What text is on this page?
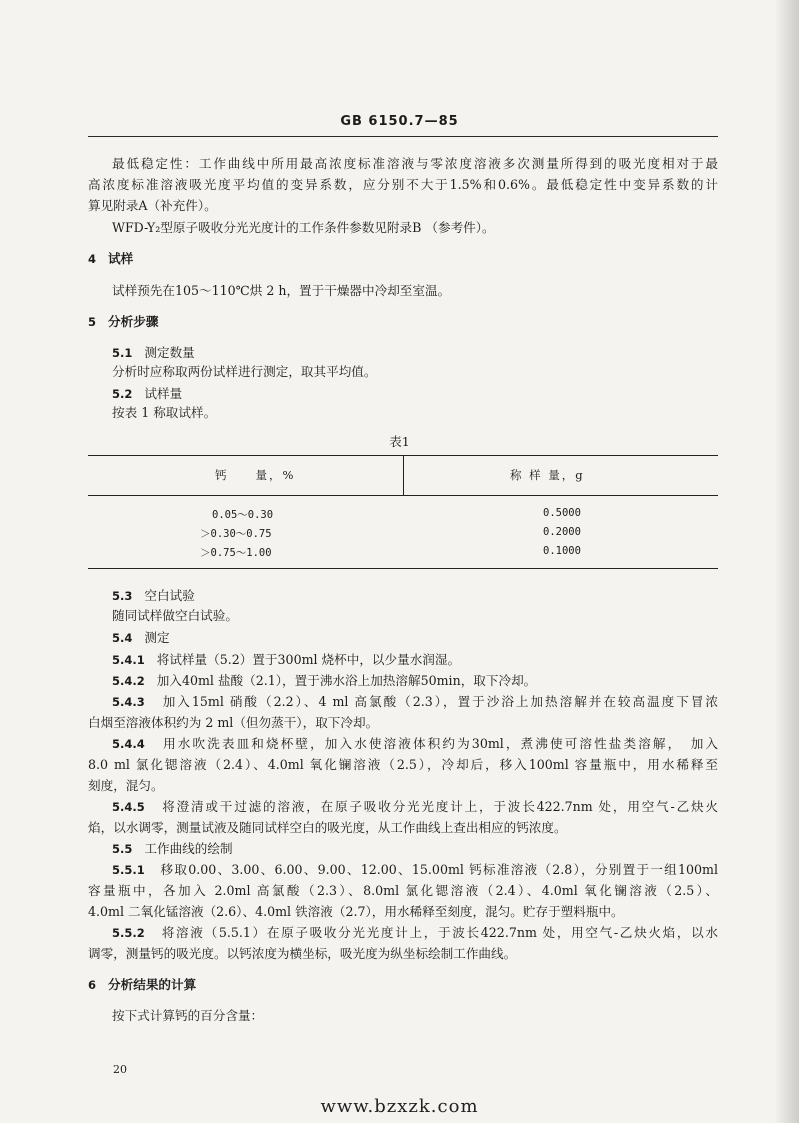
GB 6150.7—85
最低稳定性：工作曲线中所用最高浓度标准溶液与零浓度溶液多次测量所得到的吸光度相对于最
高浓度标准溶液吸光度平均值的变异系数，应分别不大于1.5%和0.6%。最低稳定性中变异系数的计
算见附录A（补充件）。
WFD-Y₂型原子吸收分光光度计的工作条件参数见附录B （参考件）。
4 试样
试样预先在105～110℃烘 2 h，置于干燥器中冷却至室温。
5 分析步骤
5.1 测定数量
分析时应称取两份试样进行测定，取其平均值。
5.2 试样量
按表 1 称取试样。
表1
钙　　量，%	称 样 量，g
0.05～0.30	0.5000
＞0.30～0.75	0.2000
＞0.75～1.00	0.1000
5.3 空白试验
随同试样做空白试验。
5.4 测定
5.4.1 将试样量（5.2）置于300ml 烧杯中，以少量水润湿。
5.4.2 加入40ml 盐酸（2.1），置于沸水浴上加热溶解50min，取下冷却。
5.4.3 加入15ml 硝酸（2.2）、4 ml 高氯酸（2.3），置于沙浴上加热溶解并在较高温度下冒浓
白烟至溶液体积约为 2 ml（但勿蒸干），取下冷却。
5.4.4 用水吹洗表皿和烧杯壁，加入水使溶液体积约为30ml，煮沸使可溶性盐类溶解，　加入
8.0 ml 氯化锶溶液（2.4）、4.0ml 氧化镧溶液（2.5），冷却后，移入100ml 容量瓶中，用水稀释至
刻度，混匀。
5.4.5 将澄清或干过滤的溶液，在原子吸收分光光度计上，于波长422.7nm 处，用空气-乙炔火
焰，以水调零，测量试液及随同试样空白的吸光度，从工作曲线上查出相应的钙浓度。
5.5 工作曲线的绘制
5.5.1 移取0.00、3.00、6.00、9.00、12.00、15.00ml 钙标准溶液（2.8），分别置于一组100ml
容量瓶中，各加入 2.0ml 高氯酸（2.3）、8.0ml 氯化锶溶液（2.4）、4.0ml 氧化镧溶液（2.5）、
4.0ml 二氧化锰溶液（2.6）、4.0ml 铁溶液（2.7），用水稀释至刻度，混匀。贮存于塑料瓶中。
5.5.2 将溶液（5.5.1）在原子吸收分光光度计上，于波长422.7nm 处，用空气-乙炔火焰，以水
调零，测量钙的吸光度。以钙浓度为横坐标，吸光度为纵坐标绘制工作曲线。
6 分析结果的计算
按下式计算钙的百分含量：
20
www.bzxzk.com
